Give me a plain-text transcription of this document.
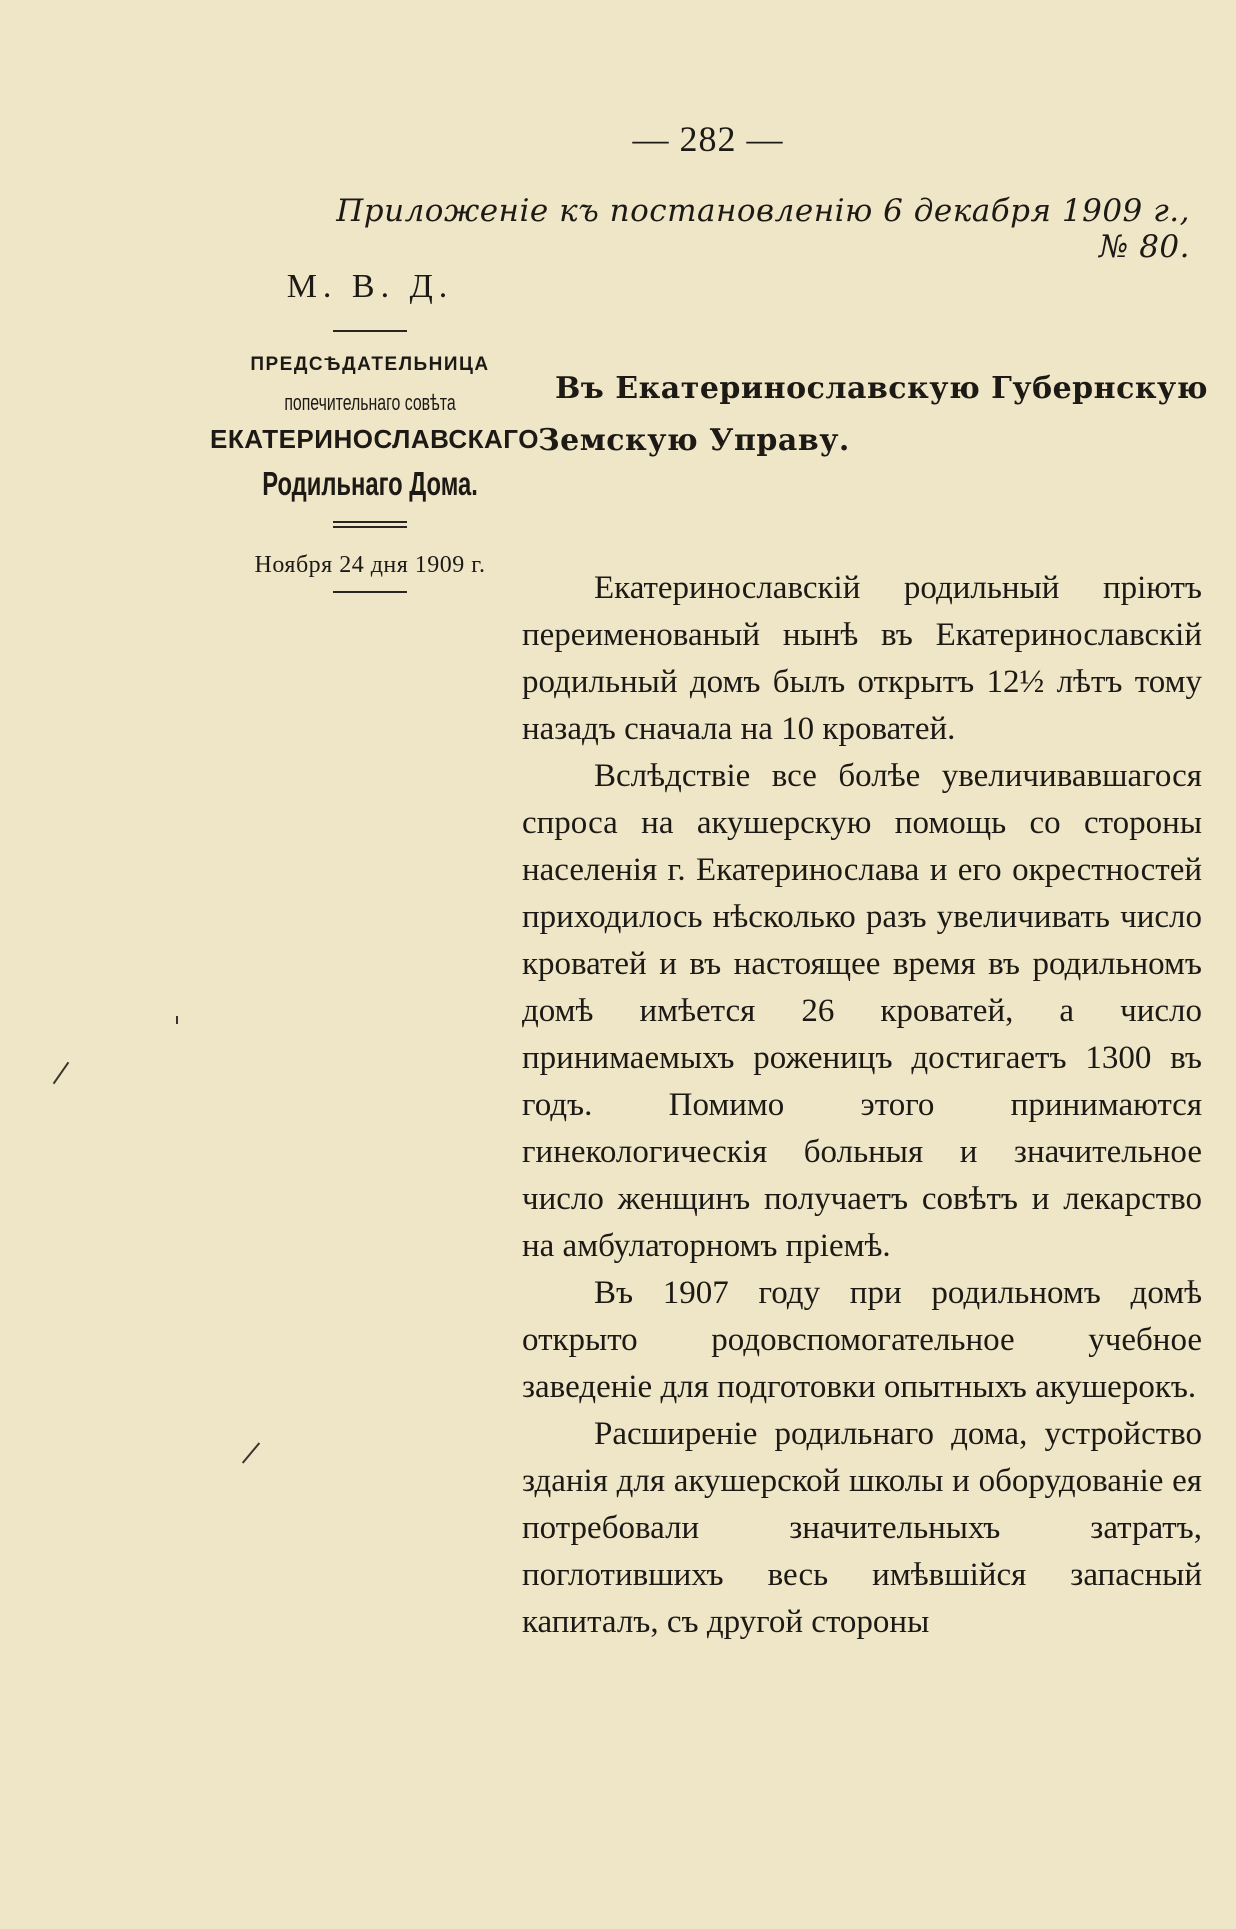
— 282 —
Приложеніе къ постановленію 6 декабря 1909 г., № 80.
М. В. Д.
ПРЕДСѢДАТЕЛЬНИЦА
попечительнаго совѣта
ЕКАТЕРИНОСЛАВСКАГО
Родильнаго Дома.
Ноября 24 дня 1909 г.
Въ Екатеринославскую Губернскую
Земскую Управу.

Екатеринославскій родильный пріютъ переименованый нынѣ въ Екатеринославскій родильный домъ былъ открытъ 12½ лѣтъ тому назадъ сначала на 10 кроватей.

Вслѣдствіе все болѣе увеличивавшагося спроса на акушерскую помощь со стороны населенія г. Екатеринослава и его окрестностей приходилось нѣсколько разъ увеличивать число кроватей и въ настоящее время въ родильномъ домѣ имѣется 26 кроватей, а число принимаемыхъ роженицъ достигаетъ 1300 въ годъ. Помимо этого принимаются гинекологическія больныя и значительное число женщинъ получаетъ совѣтъ и лекарство на амбулаторномъ пріемѣ.

Въ 1907 году при родильномъ домѣ открыто родовспомогательное учебное заведеніе для подготовки опытныхъ акушерокъ.

Расширеніе родильнаго дома, устройство зданія для акушерской школы и оборудованіе ея потребовали значительныхъ затратъ, поглотившихъ весь имѣвшійся запасный капиталъ, съ другой стороны
